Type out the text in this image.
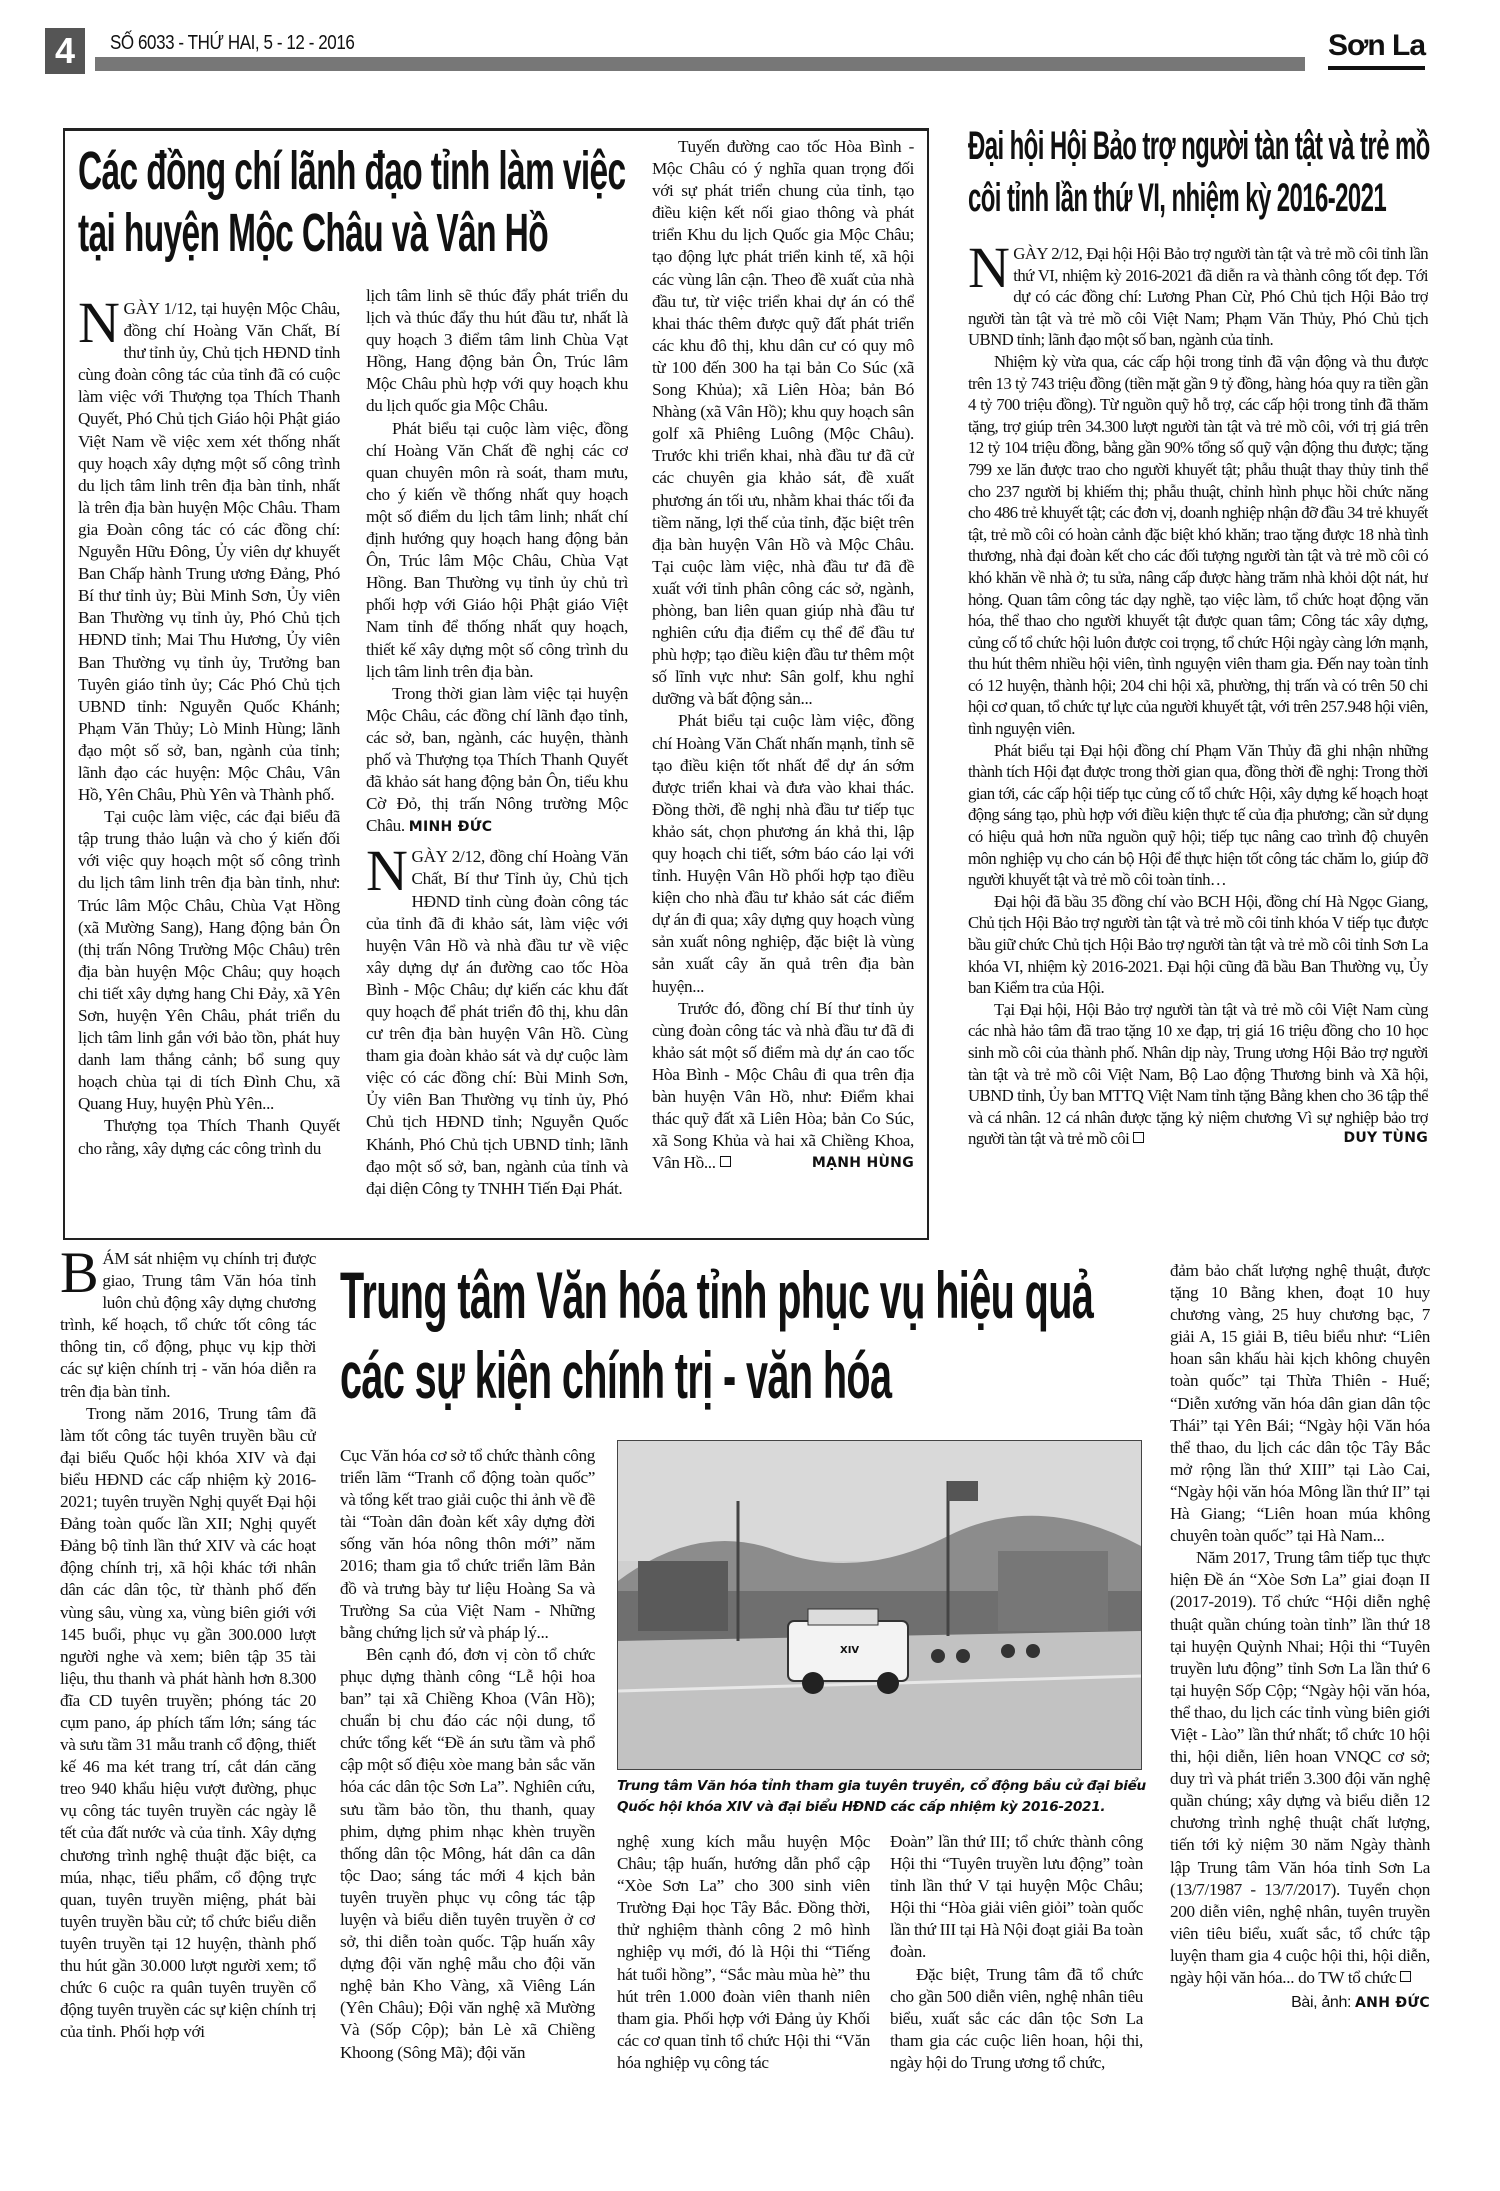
4	SỐ 6033 - THỨ HAI, 5 - 12 - 2016	Sơn La
Các đồng chí lãnh đạo tỉnh làm việc tại huyện Mộc Châu và Vân Hồ

NGÀY 1/12, tại huyện Mộc Châu, đồng chí Hoàng Văn Chất, Bí thư tỉnh ủy, Chủ tịch HĐND tỉnh cùng đoàn công tác của tỉnh đã có cuộc làm việc với Thượng tọa Thích Thanh Quyết, Phó Chủ tịch Giáo hội Phật giáo Việt Nam về việc xem xét thống nhất quy hoạch xây dựng một số công trình du lịch tâm linh trên địa bàn tỉnh, nhất là trên địa bàn huyện Mộc Châu. Tham gia Đoàn công tác có các đồng chí: Nguyễn Hữu Đông, Ủy viên dự khuyết Ban Chấp hành Trung ương Đảng, Phó Bí thư tỉnh ủy; Bùi Minh Sơn, Ủy viên Ban Thường vụ tỉnh ủy, Phó Chủ tịch HĐND tỉnh; Mai Thu Hương, Ủy viên Ban Thường vụ tỉnh ủy, Trưởng ban Tuyên giáo tỉnh ủy; Các Phó Chủ tịch UBND tỉnh: Nguyễn Quốc Khánh; Phạm Văn Thủy; Lò Minh Hùng; lãnh đạo một số sở, ban, ngành của tỉnh; lãnh đạo các huyện: Mộc Châu, Vân Hồ, Yên Châu, Phù Yên và Thành phố.

Tại cuộc làm việc, các đại biểu đã tập trung thảo luận và cho ý kiến đối với việc quy hoạch một số công trình du lịch tâm linh trên địa bàn tỉnh, như: Trúc lâm Mộc Châu, Chùa Vạt Hồng (xã Mường Sang), Hang động bản Ôn (thị trấn Nông Trường Mộc Châu) trên địa bàn huyện Mộc Châu; quy hoạch chi tiết xây dựng hang Chi Đảy, xã Yên Sơn, huyện Yên Châu, phát triển du lịch tâm linh gắn với bảo tồn, phát huy danh lam thắng cảnh; bổ sung quy hoạch chùa tại di tích Đình Chu, xã Quang Huy, huyện Phù Yên...

Thượng tọa Thích Thanh Quyết cho rằng, xây dựng các công trình du

lịch tâm linh sẽ thúc đẩy phát triển du lịch và thúc đẩy thu hút đầu tư, nhất là quy hoạch 3 điểm tâm linh Chùa Vạt Hồng, Hang động bản Ôn, Trúc lâm Mộc Châu phù hợp với quy hoạch khu du lịch quốc gia Mộc Châu.

Phát biểu tại cuộc làm việc, đồng chí Hoàng Văn Chất đề nghị các cơ quan chuyên môn rà soát, tham mưu, cho ý kiến về thống nhất quy hoạch một số điểm du lịch tâm linh; nhất chí định hướng quy hoạch hang động bản Ôn, Trúc lâm Mộc Châu, Chùa Vạt Hồng. Ban Thường vụ tỉnh ủy chủ trì phối hợp với Giáo hội Phật giáo Việt Nam tỉnh để thống nhất quy hoạch, thiết kế xây dựng một số công trình du lịch tâm linh trên địa bàn.

Trong thời gian làm việc tại huyện Mộc Châu, các đồng chí lãnh đạo tỉnh, các sở, ban, ngành, các huyện, thành phố và Thượng tọa Thích Thanh Quyết đã khảo sát hang động bản Ôn, tiểu khu Cờ Đỏ, thị trấn Nông trường Mộc Châu. MINH ĐỨC

NGÀY 2/12, đồng chí Hoàng Văn Chất, Bí thư Tỉnh ủy, Chủ tịch HĐND tỉnh cùng đoàn công tác của tỉnh đã đi khảo sát, làm việc với huyện Vân Hồ và nhà đầu tư về việc xây dựng dự án đường cao tốc Hòa Bình - Mộc Châu; dự kiến các khu đất quy hoạch để phát triển đô thị, khu dân cư trên địa bàn huyện Vân Hồ. Cùng tham gia đoàn khảo sát và dự cuộc làm việc có các đồng chí: Bùi Minh Sơn, Ủy viên Ban Thường vụ tỉnh ủy, Phó Chủ tịch HĐND tỉnh; Nguyễn Quốc Khánh, Phó Chủ tịch UBND tỉnh; lãnh đạo một số sở, ban, ngành của tỉnh và đại diện Công ty TNHH Tiến Đại Phát.

Tuyến đường cao tốc Hòa Bình - Mộc Châu có ý nghĩa quan trọng đối với sự phát triển chung của tỉnh, tạo điều kiện kết nối giao thông và phát triển Khu du lịch Quốc gia Mộc Châu; tạo động lực phát triển kinh tế, xã hội các vùng lân cận. Theo đề xuất của nhà đầu tư, từ việc triển khai dự án có thể khai thác thêm được quỹ đất phát triển các khu đô thị, khu dân cư có quy mô từ 100 đến 300 ha tại bản Co Súc (xã Song Khủa); xã Liên Hòa; bản Bó Nhàng (xã Vân Hồ); khu quy hoạch sân golf xã Phiêng Luông (Mộc Châu). Trước khi triển khai, nhà đầu tư đã cử các chuyên gia khảo sát, đề xuất phương án tối ưu, nhằm khai thác tối đa tiềm năng, lợi thế của tỉnh, đặc biệt trên địa bàn huyện Vân Hồ và Mộc Châu. Tại cuộc làm việc, nhà đầu tư đã đề xuất với tỉnh phân công các sở, ngành, phòng, ban liên quan giúp nhà đầu tư nghiên cứu địa điểm cụ thể để đầu tư phù hợp; tạo điều kiện đầu tư thêm một số lĩnh vực như: Sân golf, khu nghỉ dưỡng và bất động sản...

Phát biểu tại cuộc làm việc, đồng chí Hoàng Văn Chất nhấn mạnh, tỉnh sẽ tạo điều kiện tốt nhất để dự án sớm được triển khai và đưa vào khai thác. Đồng thời, đề nghị nhà đầu tư tiếp tục khảo sát, chọn phương án khả thi, lập quy hoạch chi tiết, sớm báo cáo lại với tỉnh. Huyện Vân Hồ phối hợp tạo điều kiện cho nhà đầu tư khảo sát các điểm dự án đi qua; xây dựng quy hoạch vùng sản xuất nông nghiệp, đặc biệt là vùng sản xuất cây ăn quả trên địa bàn huyện...

Trước đó, đồng chí Bí thư tỉnh ủy cùng đoàn công tác và nhà đầu tư đã đi khảo sát một số điểm mà dự án cao tốc Hòa Bình - Mộc Châu đi qua trên địa bàn huyện Vân Hồ, như: Điểm khai thác quỹ đất xã Liên Hòa; bản Co Súc, xã Song Khủa và hai xã Chiềng Khoa, Vân Hồ...	MẠNH HÙNG

Đại hội Hội Bảo trợ người tàn tật và trẻ mồ côi tỉnh lần thứ VI, nhiệm kỳ 2016-2021

NGÀY 2/12, Đại hội Hội Bảo trợ người tàn tật và trẻ mồ côi tỉnh lần thứ VI, nhiệm kỳ 2016-2021 đã diễn ra và thành công tốt đẹp. Tới dự có các đồng chí: Lương Phan Cừ, Phó Chủ tịch Hội Bảo trợ người tàn tật và trẻ mồ côi Việt Nam; Phạm Văn Thủy, Phó Chủ tịch UBND tỉnh; lãnh đạo một số ban, ngành của tỉnh.

Nhiệm kỳ vừa qua, các cấp hội trong tỉnh đã vận động và thu được trên 13 tỷ 743 triệu đồng (tiền mặt gần 9 tỷ đồng, hàng hóa quy ra tiền gần 4 tỷ 700 triệu đồng). Từ nguồn quỹ hỗ trợ, các cấp hội trong tỉnh đã thăm tặng, trợ giúp trên 34.300 lượt người tàn tật và trẻ mồ côi, với trị giá trên 12 tỷ 104 triệu đồng, bằng gần 90% tổng số quỹ vận động thu được; tặng 799 xe lăn được trao cho người khuyết tật; phẫu thuật thay thủy tinh thể cho 237 người bị khiếm thị; phẫu thuật, chỉnh hình phục hồi chức năng cho 486 trẻ khuyết tật; các đơn vị, doanh nghiệp nhận đỡ đầu 34 trẻ khuyết tật, trẻ mồ côi có hoàn cảnh đặc biệt khó khăn; trao tặng được 18 nhà tình thương, nhà đại đoàn kết cho các đối tượng người tàn tật và trẻ mồ côi có khó khăn về nhà ở; tu sửa, nâng cấp được hàng trăm nhà khỏi dột nát, hư hỏng. Quan tâm công tác dạy nghề, tạo việc làm, tổ chức hoạt động văn hóa, thể thao cho người khuyết tật được quan tâm; Công tác xây dựng, củng cố tổ chức hội luôn được coi trọng, tổ chức Hội ngày càng lớn mạnh, thu hút thêm nhiều hội viên, tình nguyện viên tham gia. Đến nay toàn tỉnh có 12 huyện, thành hội; 204 chi hội xã, phường, thị trấn và có trên 50 chi hội cơ quan, tổ chức tự lực của người khuyết tật, với trên 257.948 hội viên, tình nguyện viên.

Phát biểu tại Đại hội đồng chí Phạm Văn Thủy đã ghi nhận những thành tích Hội đạt được trong thời gian qua, đồng thời đề nghị: Trong thời gian tới, các cấp hội tiếp tục củng cố tổ chức Hội, xây dựng kế hoạch hoạt động sáng tạo, phù hợp với điều kiện thực tế của địa phương; cần sử dụng có hiệu quả hơn nữa nguồn quỹ hội; tiếp tục nâng cao trình độ chuyên môn nghiệp vụ cho cán bộ Hội để thực hiện tốt công tác chăm lo, giúp đỡ người khuyết tật và trẻ mồ côi toàn tỉnh…

Đại hội đã bầu 35 đồng chí vào BCH Hội, đồng chí Hà Ngọc Giang, Chủ tịch Hội Bảo trợ người tàn tật và trẻ mồ côi tỉnh khóa V tiếp tục được bầu giữ chức Chủ tịch Hội Bảo trợ người tàn tật và trẻ mồ côi tỉnh Sơn La khóa VI, nhiệm kỳ 2016-2021. Đại hội cũng đã bầu Ban Thường vụ, Ủy ban Kiểm tra của Hội.

Tại Đại hội, Hội Bảo trợ người tàn tật và trẻ mồ côi Việt Nam cùng các nhà hảo tâm đã trao tặng 10 xe đạp, trị giá 16 triệu đồng cho 10 học sinh mồ côi của thành phố. Nhân dịp này, Trung ương Hội Bảo trợ người tàn tật và trẻ mồ côi Việt Nam, Bộ Lao động Thương binh và Xã hội, UBND tỉnh, Ủy ban MTTQ Việt Nam tỉnh tặng Bằng khen cho 36 tập thể và cá nhân. 12 cá nhân được tặng kỷ niệm chương Vì sự nghiệp bảo trợ người tàn tật và trẻ mồ côi	DUY TÙNG

Trung tâm Văn hóa tỉnh phục vụ hiệu quả các sự kiện chính trị - văn hóa

BÁM sát nhiệm vụ chính trị được giao, Trung tâm Văn hóa tỉnh luôn chủ động xây dựng chương trình, kế hoạch, tổ chức tốt công tác thông tin, cổ động, phục vụ kịp thời các sự kiện chính trị - văn hóa diễn ra trên địa bàn tỉnh.

Trong năm 2016, Trung tâm đã làm tốt công tác tuyên truyền bầu cử đại biểu Quốc hội khóa XIV và đại biểu HĐND các cấp nhiệm kỳ 2016-2021; tuyên truyền Nghị quyết Đại hội Đảng toàn quốc lần XII; Nghị quyết Đảng bộ tỉnh lần thứ XIV và các hoạt động chính trị, xã hội khác tới nhân dân các dân tộc, từ thành phố đến vùng sâu, vùng xa, vùng biên giới với 145 buổi, phục vụ gần 300.000 lượt người nghe và xem; biên tập 35 tài liệu, thu thanh và phát hành hơn 8.300 đĩa CD tuyên truyền; phóng tác 20 cụm pano, áp phích tấm lớn; sáng tác và sưu tầm 31 mẫu tranh cổ động, thiết kế 46 ma két trang trí, cắt dán căng treo 940 khẩu hiệu vượt đường, phục vụ công tác tuyên truyền các ngày lễ tết của đất nước và của tỉnh. Xây dựng chương trình nghệ thuật đặc biệt, ca múa, nhạc, tiểu phẩm, cổ động trực quan, tuyên truyền miệng, phát bài tuyên truyền bầu cử; tổ chức biểu diễn tuyên truyền tại 12 huyện, thành phố thu hút gần 30.000 lượt người xem; tổ chức 6 cuộc ra quân tuyên truyền cổ động tuyên truyền các sự kiện chính trị của tỉnh. Phối hợp với

Cục Văn hóa cơ sở tổ chức thành công triển lãm “Tranh cổ động toàn quốc” và tổng kết trao giải cuộc thi ảnh về đề tài “Toàn dân đoàn kết xây dựng đời sống văn hóa nông thôn mới” năm 2016; tham gia tổ chức triển lãm Bản đồ và trưng bày tư liệu Hoàng Sa và Trường Sa của Việt Nam - Những bằng chứng lịch sử và pháp lý...

Bên cạnh đó, đơn vị còn tổ chức phục dựng thành công “Lễ hội hoa ban” tại xã Chiềng Khoa (Vân Hồ); chuẩn bị chu đáo các nội dung, tổ chức tổng kết “Đề án sưu tầm và phổ cập một số điệu xòe mang bản sắc văn hóa các dân tộc Sơn La”. Nghiên cứu, sưu tầm bảo tồn, thu thanh, quay phim, dựng phim nhạc khèn truyền thống dân tộc Mông, hát dân ca dân tộc Dao; sáng tác mới 4 kịch bản tuyên truyền phục vụ công tác tập luyện và biểu diễn tuyên truyền ở cơ sở, thi diễn toàn quốc. Tập huấn xây dựng đội văn nghệ mẫu cho đội văn nghệ bản Kho Vàng, xã Viêng Lán (Yên Châu); Đội văn nghệ xã Mường Và (Sốp Cộp); bản Lè xã Chiềng Khoong (Sông Mã); đội văn

XIV
Trung tâm Văn hóa tỉnh tham gia tuyên truyền, cổ động bầu cử đại biểu Quốc hội khóa XIV và đại biểu HĐND các cấp nhiệm kỳ 2016-2021.

nghệ xung kích mẫu huyện Mộc Châu; tập huấn, hướng dẫn phổ cập “Xòe Sơn La” cho 300 sinh viên Trường Đại học Tây Bắc. Đồng thời, thử nghiệm thành công 2 mô hình nghiệp vụ mới, đó là Hội thi “Tiếng hát tuổi hồng”, “Sắc màu mùa hè” thu hút trên 1.000 đoàn viên thanh niên tham gia. Phối hợp với Đảng ủy Khối các cơ quan tỉnh tổ chức Hội thi “Văn hóa nghiệp vụ công tác

Đoàn” lần thứ III; tổ chức thành công Hội thi “Tuyên truyền lưu động” toàn tỉnh lần thứ V tại huyện Mộc Châu; Hội thi “Hòa giải viên giỏi” toàn quốc lần thứ III tại Hà Nội đoạt giải Ba toàn đoàn.

Đặc biệt, Trung tâm đã tổ chức cho gần 500 diễn viên, nghệ nhân tiêu biểu, xuất sắc các dân tộc Sơn La tham gia các cuộc liên hoan, hội thi, ngày hội do Trung ương tổ chức,

đảm bảo chất lượng nghệ thuật, được tặng 10 Bằng khen, đoạt 10 huy chương vàng, 25 huy chương bạc, 7 giải A, 15 giải B, tiêu biểu như: “Liên hoan sân khấu hài kịch không chuyên toàn quốc” tại Thừa Thiên - Huế; “Diễn xướng văn hóa dân gian dân tộc Thái” tại Yên Bái; “Ngày hội Văn hóa thể thao, du lịch các dân tộc Tây Bắc mở rộng lần thứ XIII” tại Lào Cai, “Ngày hội văn hóa Mông lần thứ II” tại Hà Giang; “Liên hoan múa không chuyên toàn quốc” tại Hà Nam...

Năm 2017, Trung tâm tiếp tục thực hiện Đề án “Xòe Sơn La” giai đoạn II (2017-2019). Tổ chức “Hội diễn nghệ thuật quần chúng toàn tỉnh” lần thứ 18 tại huyện Quỳnh Nhai; Hội thi “Tuyên truyền lưu động” tỉnh Sơn La lần thứ 6 tại huyện Sốp Cộp; “Ngày hội văn hóa, thể thao, du lịch các tỉnh vùng biên giới Việt - Lào” lần thứ nhất; tổ chức 10 hội thi, hội diễn, liên hoan VNQC cơ sở; duy trì và phát triển 3.300 đội văn nghệ quần chúng; xây dựng và biểu diễn 12 chương trình nghệ thuật chất lượng, tiến tới kỷ niệm 30 năm Ngày thành lập Trung tâm Văn hóa tỉnh Sơn La (13/7/1987 - 13/7/2017). Tuyển chọn 200 diễn viên, nghệ nhân, tuyên truyền viên tiêu biểu, xuất sắc, tổ chức tập luyện tham gia 4 cuộc hội thi, hội diễn, ngày hội văn hóa... do TW tổ chức

Bài, ảnh: ANH ĐỨC
